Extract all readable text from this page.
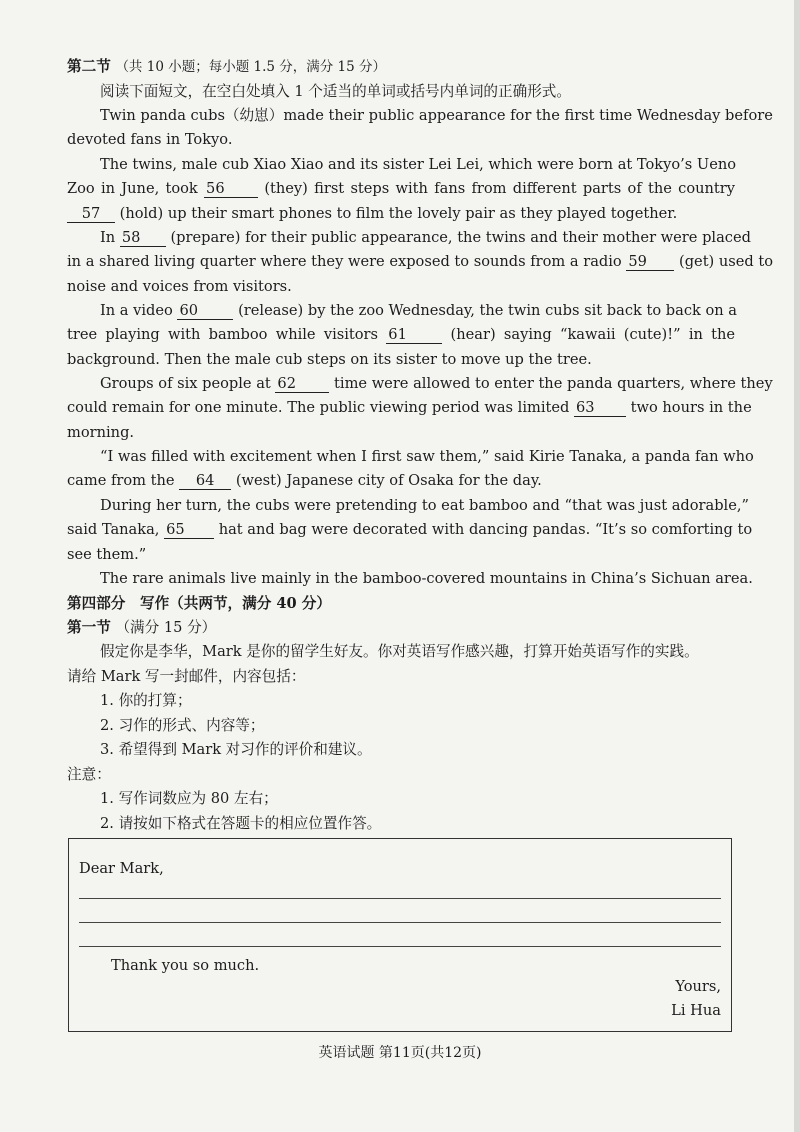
第二节 （共 10 小题；每小题 1.5 分，满分 15 分）
阅读下面短文，在空白处填入 1 个适当的单词或括号内单词的正确形式。
Twin panda cubs（幼崽）made their public appearance for the first time Wednesday before
devoted fans in Tokyo.
The twins, male cub Xiao Xiao and its sister Lei Lei, which were born at Tokyo’s Ueno
Zoo in June, took 56	(they) first steps with fans from different parts of the country
57 (hold) up their smart phones to film the lovely pair as they played together.
In 58 (prepare) for their public appearance, the twins and their mother were placed
in a shared living quarter where they were exposed to sounds from a radio 59 (get) used to
noise and voices from visitors.
In a video 60	(release) by the zoo Wednesday, the twin cubs sit back to back on a
tree playing with bamboo while visitors 61	(hear) saying “kawaii (cute)!” in the
background. Then the male cub steps on its sister to move up the tree.
Groups of six people at 62	time were allowed to enter the panda quarters, where they
could remain for one minute. The public viewing period was limited 63 two hours in the
morning.
“I was filled with excitement when I first saw them,” said Kirie Tanaka, a panda fan who
came from the 64 (west) Japanese city of Osaka for the day.
During her turn, the cubs were pretending to eat bamboo and “that was just adorable,”
said Tanaka, 65 hat and bag were decorated with dancing pandas. “It’s so comforting to
see them.”
The rare animals live mainly in the bamboo-covered mountains in China’s Sichuan area.
第四部分　写作（共两节，满分 40 分）
第一节 （满分 15 分）
假定你是李华，Mark 是你的留学生好友。你对英语写作感兴趣，打算开始英语写作的实践。
请给 Mark 写一封邮件，内容包括：
1. 你的打算；
2. 习作的形式、内容等；
3. 希望得到 Mark 对习作的评价和建议。
注意：
1. 写作词数应为 80 左右；
2. 请按如下格式在答题卡的相应位置作答。
Dear Mark,
Thank you so much.
Yours,
Li Hua
英语试题 第11页(共12页)
